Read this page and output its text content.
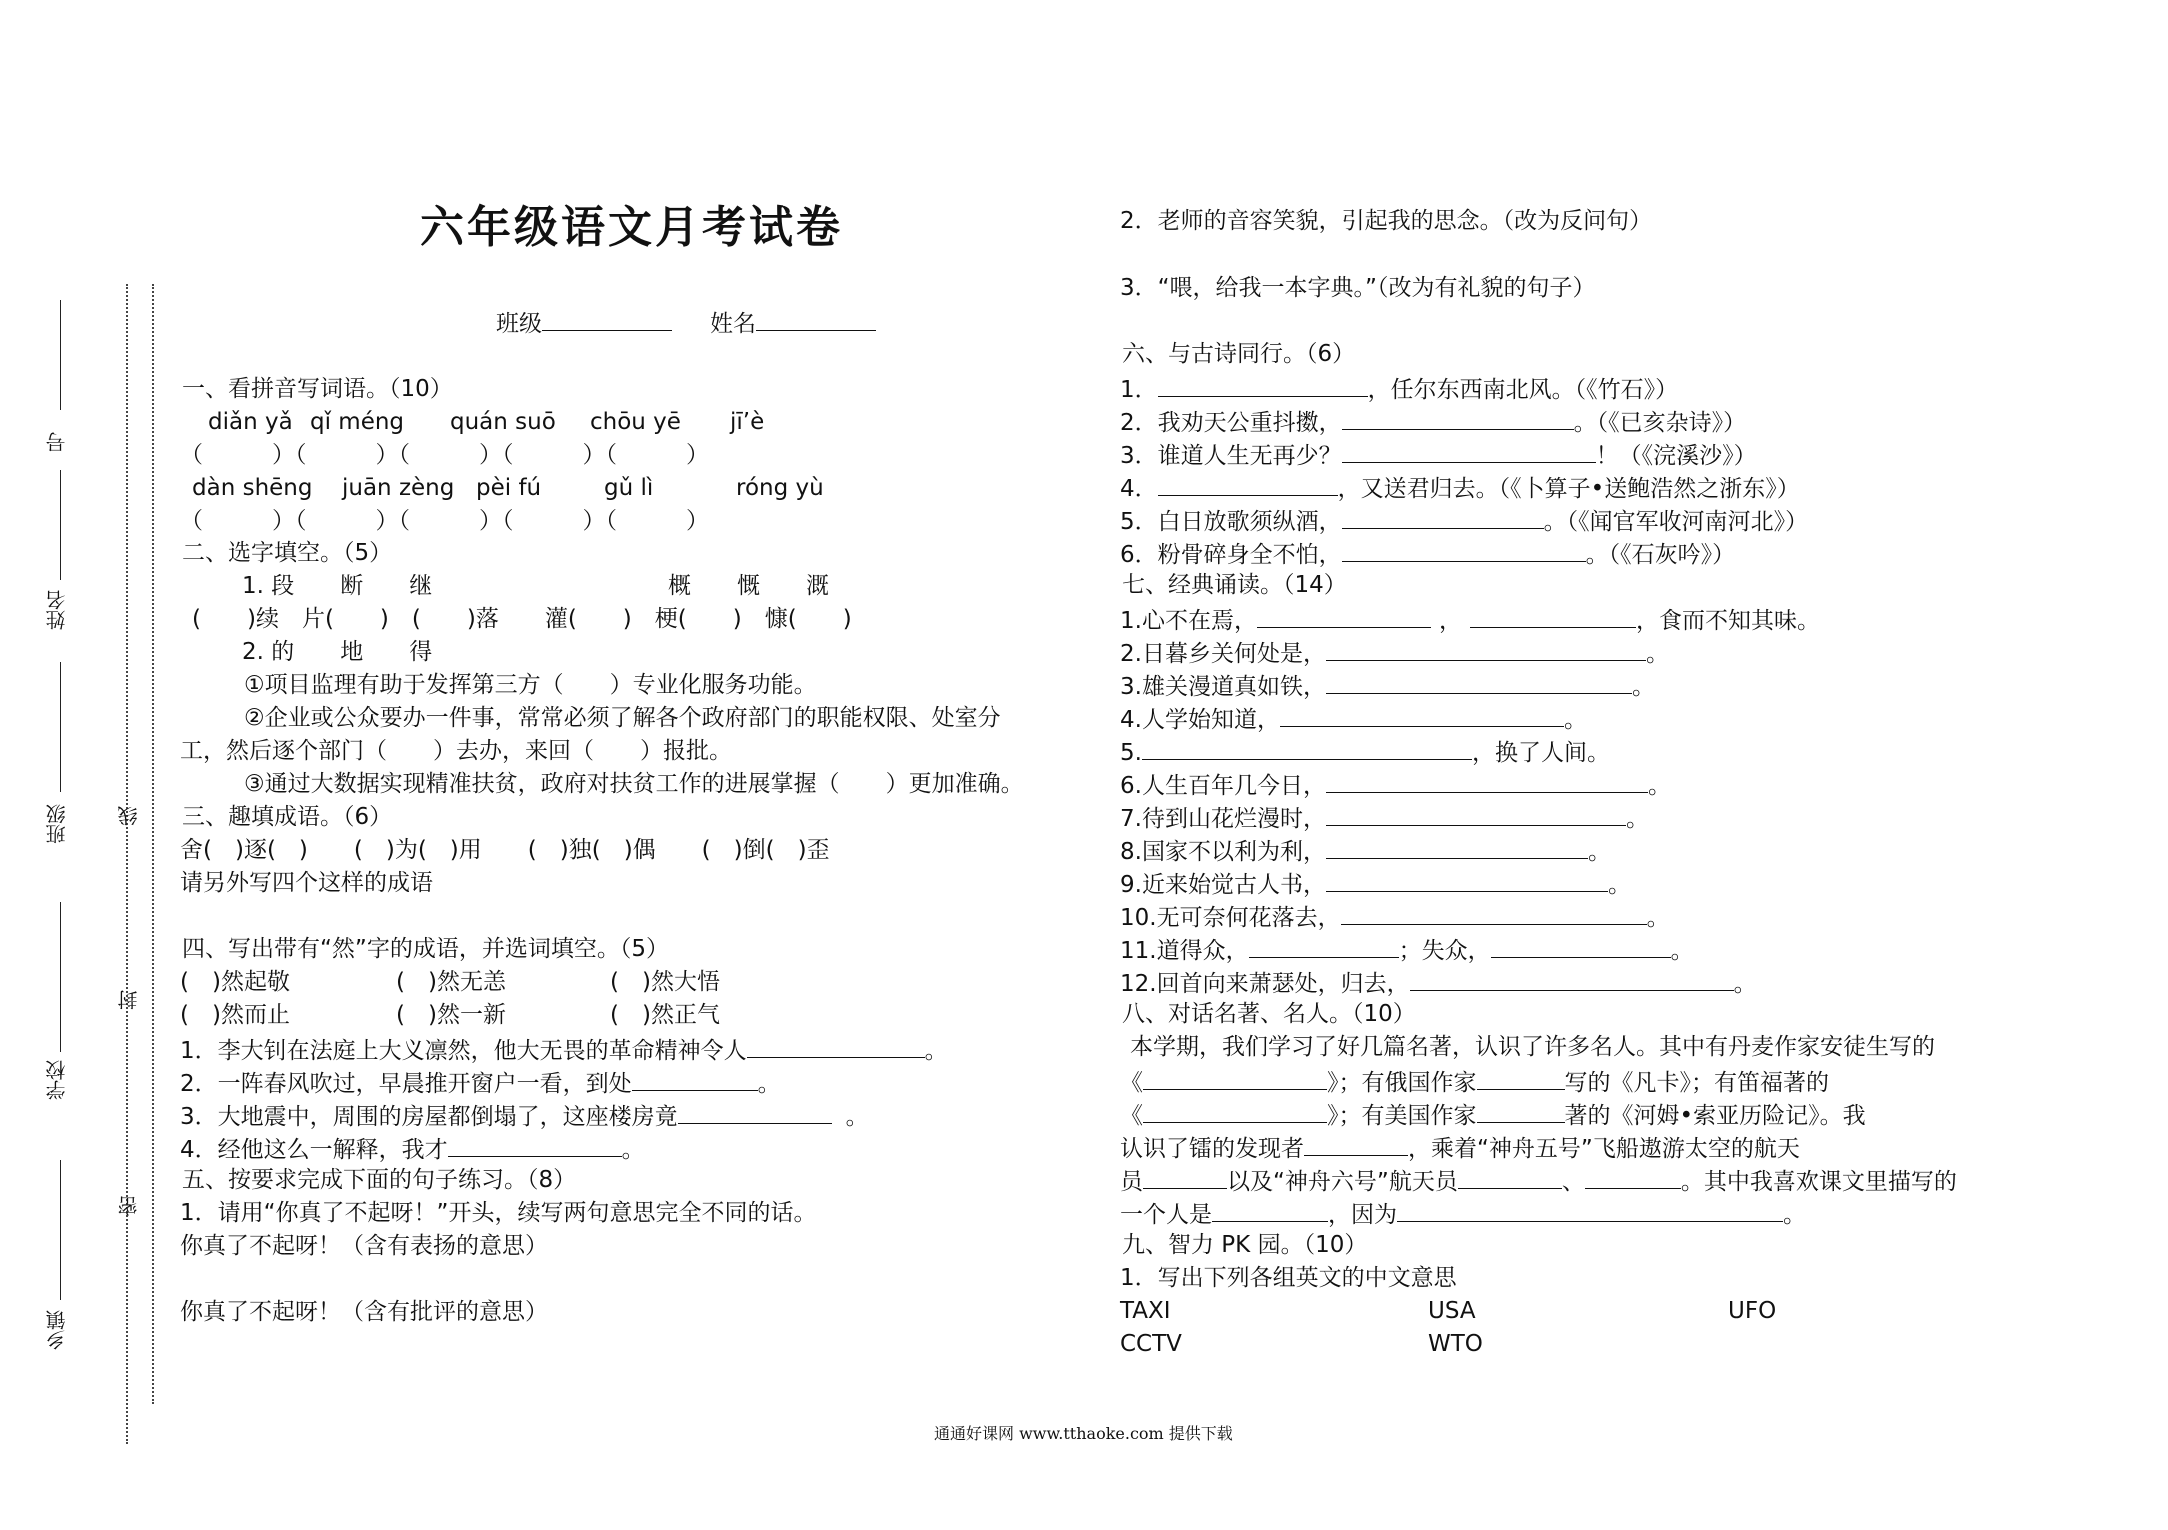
号
姓名
班级
学校
乡镇
线
封
密
六年级语文月考试卷
班级	姓名
一、看拼音写词语。（10）
diǎn yǎ qǐ méng quán suō chōu yē jī’è
（　　　）（　　　）（　　　）（　　　）（　　　）
dàn shēng juān zèng pèi fú	gǔ lì	róng yù
（　　　）（　　　）（　　　）（　　　）（　　　）
二、选字填空。（5）
1. 段　　断　　继	概　　慨　　溉
(　　)续　片(　　)　(　　)落　　灌(　　)　梗(　　)　慷(　　)
2. 的　　地　　得
①项目监理有助于发挥第三方（　　）专业化服务功能。
②企业或公众要办一件事，常常必须了解各个政府部门的职能权限、处室分
工，然后逐个部门（　　）去办，来回（　　）报批。
③通过大数据实现精准扶贫，政府对扶贫工作的进展掌握（　　）更加准确。
三、趣填成语。（6）
舍(　)逐(　)　　(　)为(　)用　　(　)独(　)偶　　(　)倒(　)歪
请另外写四个这样的成语
四、写出带有“然”字的成语，并选词填空。（5）
(　)然起敬	(　)然无恙	(　)然大悟
(　)然而止	(　)然一新	(　)然正气
1．李大钊在法庭上大义凛然，他大无畏的革命精神令人	。
2．一阵春风吹过，早晨推开窗户一看，到处	。
3．大地震中，周围的房屋都倒塌了，这座楼房竟	。
4．经他这么一解释，我才	。
五、按要求完成下面的句子练习。（8）
1．请用“你真了不起呀！”开头，续写两句意思完全不同的话。
你真了不起呀！（含有表扬的意思）
你真了不起呀！（含有批评的意思）
2．老师的音容笑貌，引起我的思念。（改为反问句）
3．“喂，给我一本字典。”（改为有礼貌的句子）
六、与古诗同行。（6）
1．	，任尔东西南北风。（《竹石》）
2．我劝天公重抖擞，	。（《已亥杂诗》）
3．谁道人生无再少？	！（《浣溪沙》）
4．	，又送君归去。（《卜算子•送鲍浩然之浙东》）
5．白日放歌须纵酒，	。（《闻官军收河南河北》）
6．粉骨碎身全不怕，	。（《石灰吟》）
七、经典诵读。（14）
1.心不在焉，	，	，食而不知其味。
2.日暮乡关何处是，	。
3.雄关漫道真如铁，	。
4.人学始知道，	。
5.	，换了人间。
6.人生百年几今日，	。
7.待到山花烂漫时，	。
8.国家不以利为利，	。
9.近来始觉古人书，	。
10.无可奈何花落去，	。
11.道得众，	；失众，	。
12.回首向来萧瑟处，归去，	。
八、对话名著、名人。（10）
本学期，我们学习了好几篇名著，认识了许多名人。其中有丹麦作家安徒生写的
《	》；有俄国作家	写的《凡卡》；有笛福著的
《	》；有美国作家	著的《河姆•索亚历险记》。我
认识了镭的发现者	，乘着“神舟五号”飞船遨游太空的航天
员	以及“神舟六号”航天员	、	。其中我喜欢课文里描写的
一个人是	，因为	。
九、智力 PK 园。（10）
1．写出下列各组英文的中文意思
TAXI	USA	UFO
CCTV	WTO
通通好课网 www.tthaoke.com 提供下载
